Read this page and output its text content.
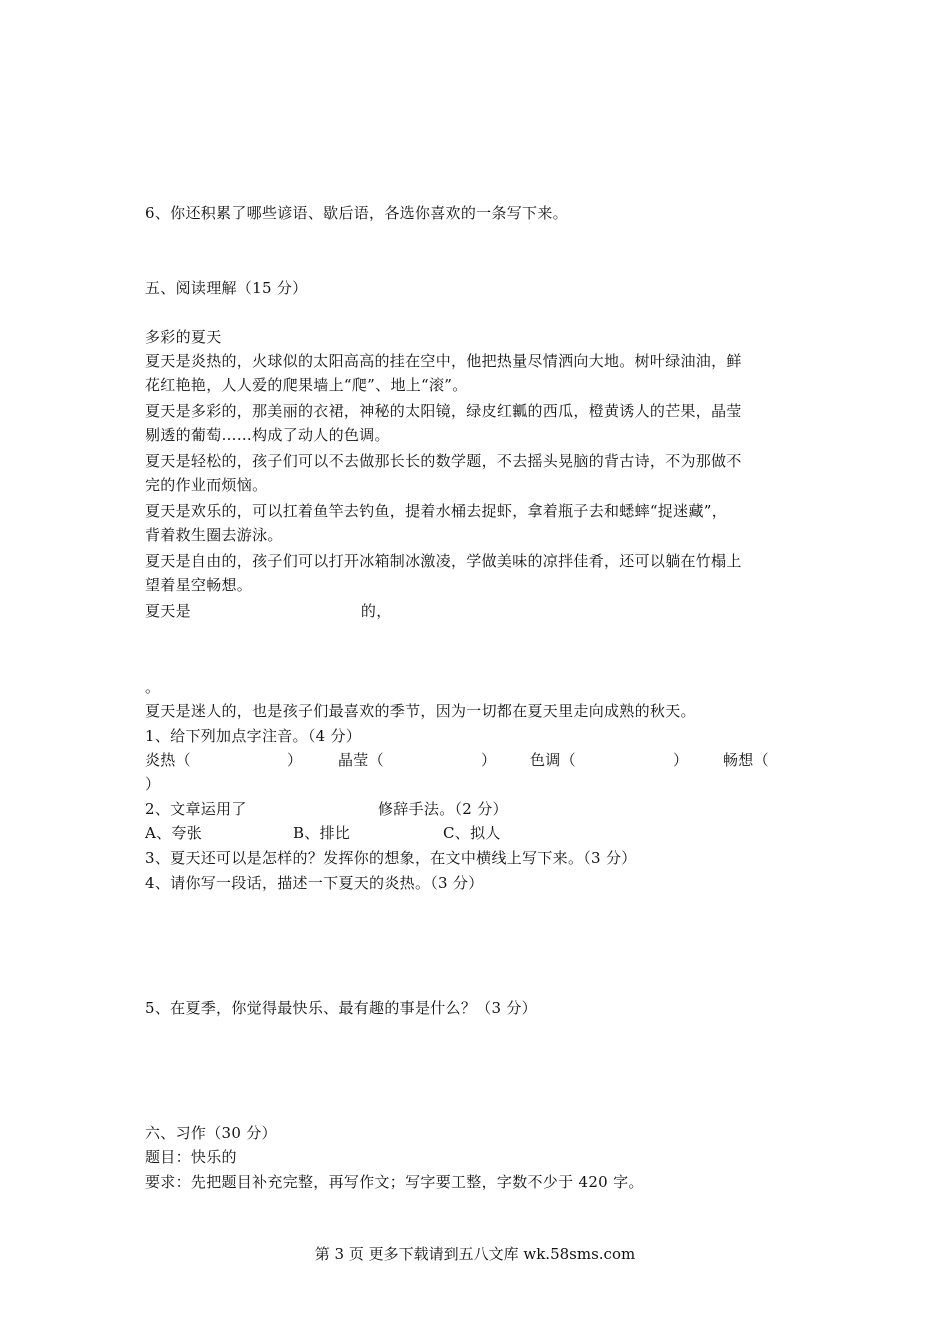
6、你还积累了哪些谚语、歇后语，各选你喜欢的一条写下来。
五、阅读理解（15 分）
多彩的夏天
夏天是炎热的，火球似的太阳高高的挂在空中，他把热量尽情洒向大地。树叶绿油油，鲜
花红艳艳，人人爱的爬果墙上“爬”、地上“滚”。
夏天是多彩的，那美丽的衣裙，神秘的太阳镜，绿皮红瓤的西瓜，橙黄诱人的芒果，晶莹
剔透的葡萄……构成了动人的色调。
夏天是轻松的，孩子们可以不去做那长长的数学题，不去摇头晃脑的背古诗，不为那做不
完的作业而烦恼。
夏天是欢乐的，可以扛着鱼竿去钓鱼，提着水桶去捉虾，拿着瓶子去和蟋蟀“捉迷藏”，
背着救生圈去游泳。
夏天是自由的，孩子们可以打开冰箱制冰激凌，学做美味的凉拌佳肴，还可以躺在竹榻上
望着星空畅想。
夏天是	的，
。
夏天是迷人的，也是孩子们最喜欢的季节，因为一切都在夏天里走向成熟的秋天。
1、给下列加点字注音。（4 分）
炎热（	） 晶莹（	） 色调（	） 畅想（
）
2、文章运用了	修辞手法。（2 分）
A、夸张	B、排比	C、拟人
3、夏天还可以是怎样的？发挥你的想象，在文中横线上写下来。（3 分）
4、请你写一段话，描述一下夏天的炎热。（3 分）
5、在夏季，你觉得最快乐、最有趣的事是什么？（3 分）
六、习作（30 分）
题目：快乐的
要求：先把题目补充完整，再写作文；写字要工整，字数不少于 420 字。
第 3 页 更多下载请到五八文库 wk.58sms.com
